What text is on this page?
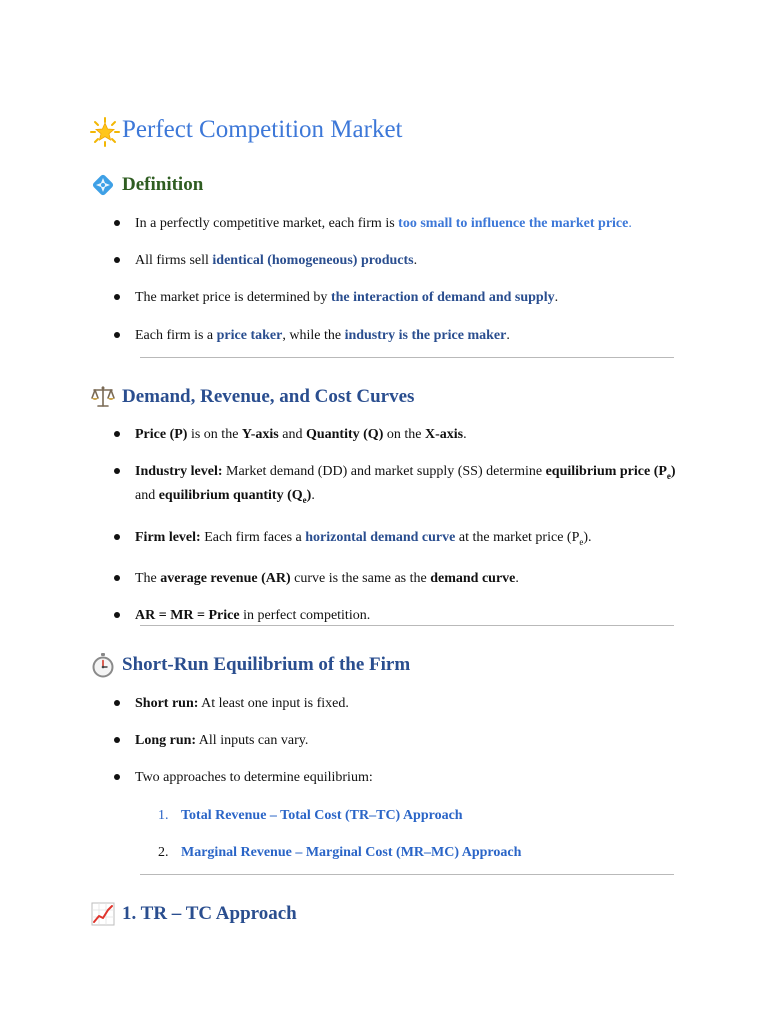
Perfect Competition Market
Definition
In a perfectly competitive market, each firm is too small to influence the market price.
All firms sell identical (homogeneous) products.
The market price is determined by the interaction of demand and supply.
Each firm is a price taker, while the industry is the price maker.
Demand, Revenue, and Cost Curves
Price (P) is on the Y-axis and Quantity (Q) on the X-axis.
Industry level: Market demand (DD) and market supply (SS) determine equilibrium price $(P_e)$ and equilibrium quantity $(Q_e)$.
Firm level: Each firm faces a horizontal demand curve at the market price $(P_e)$.
The average revenue (AR) curve is the same as the demand curve.
AR = MR = Price in perfect competition.
Short-Run Equilibrium of the Firm
Short run: At least one input is fixed.
Long run: All inputs can vary.
Two approaches to determine equilibrium:
1. Total Revenue – Total Cost (TR–TC) Approach
2. Marginal Revenue – Marginal Cost (MR–MC) Approach
1. TR – TC Approach
